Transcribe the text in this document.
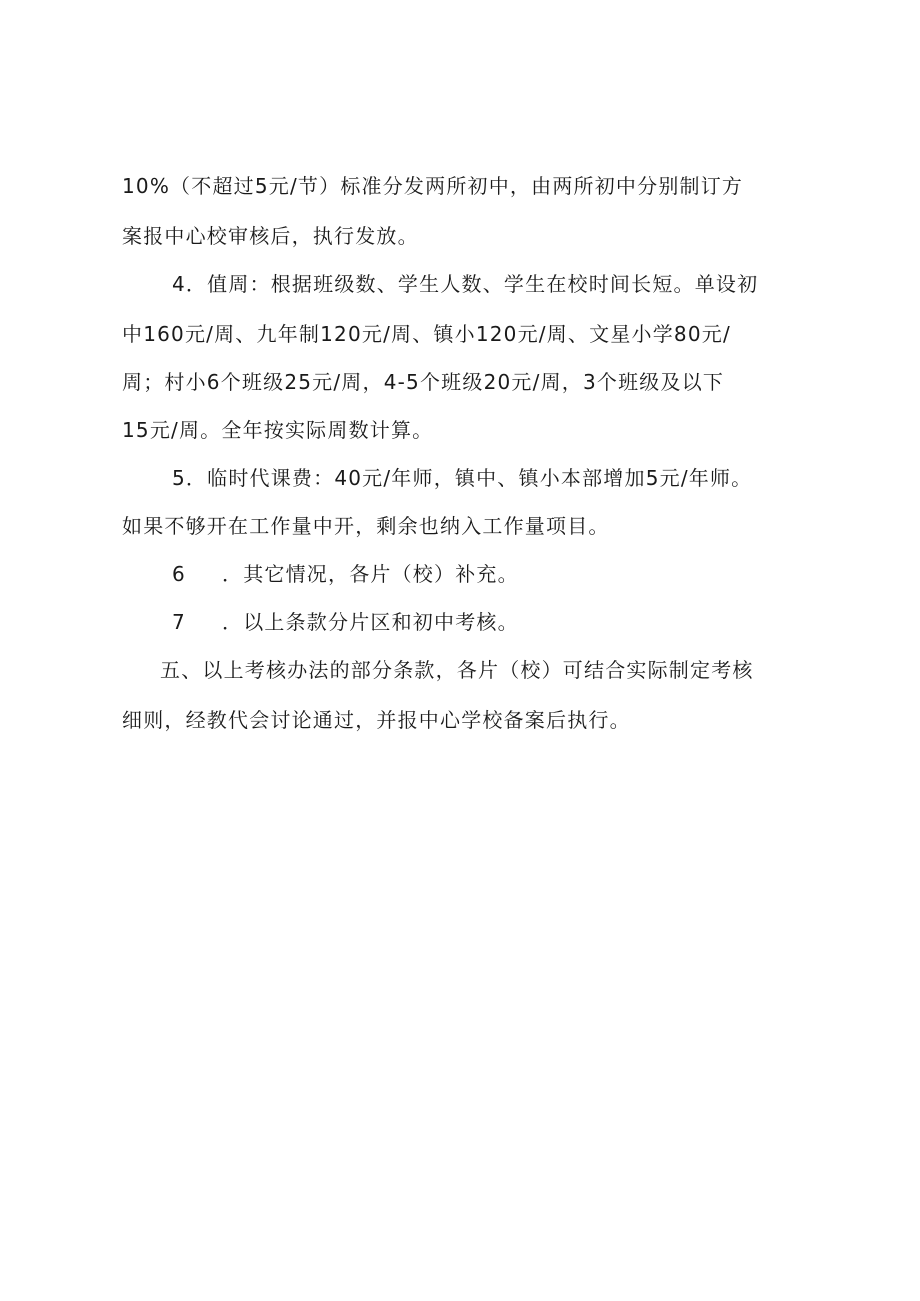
10%（不超过5元/节）标准分发两所初中，由两所初中分别制订方
案报中心校审核后，执行发放。
4．值周：根据班级数、学生人数、学生在校时间长短。单设初
中160元/周、九年制120元/周、镇小120元/周、文星小学80元/
周；村小6个班级25元/周，4-5个班级20元/周，3个班级及以下
15元/周。全年按实际周数计算。
5．临时代课费：40元/年师，镇中、镇小本部增加5元/年师。
如果不够开在工作量中开，剩余也纳入工作量项目。
6 ．其它情况，各片（校）补充。
7 ．以上条款分片区和初中考核。
五、以上考核办法的部分条款，各片（校）可结合实际制定考核
细则，经教代会讨论通过，并报中心学校备案后执行。
